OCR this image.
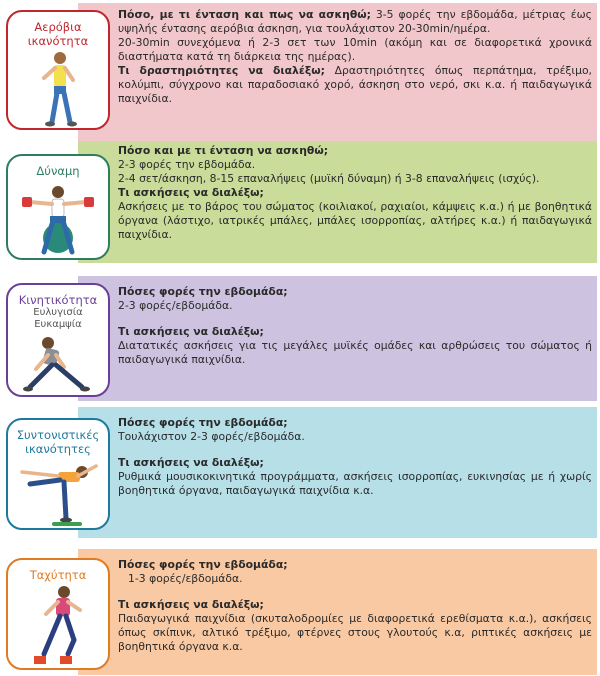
Πόσο, με τι ένταση και πως να ασκηθώ; 3-5 φορές την εβδομάδα, μέτριας έως υψηλής έντασης αερόβια άσκηση, για τουλάχιστον 20-30min/ημέρα.

20-30min συνεχόμενα ή 2-3 σετ των 10min (ακόμη και σε διαφορετικά χρονικά διαστήματα κατά τη διάρκεια της ημέρας).

Τι δραστηριότητες να διαλέξω; Δραστηριότητες όπως περπάτημα, τρέξιμο, κολύμπι, σύγχρονο και παραδοσιακό χορό, άσκηση στο νερό, σκι κ.α. ή παιδαγωγικά παιχνίδια.

Αερόβια
ικανότητα

Πόσο και με τι ένταση να ασκηθώ;

2-3 φορές την εβδομάδα.

2-4 σετ/άσκηση, 8-15 επαναλήψεις (μυϊκή δύναμη) ή 3-8 επαναλήψεις (ισχύς).

Τι ασκήσεις να διαλέξω;

Ασκήσεις με το βάρος του σώματος (κοιλιακοί, ραχιαίοι, κάμψεις κ.α.) ή με βοηθητικά όργανα (λάστιχο, ιατρικές μπάλες, μπάλες ισορροπίας, αλτήρες κ.α.) ή παιδαγωγικά παιχνίδια.

Δύναμη

Πόσες φορές την εβδομάδα;

2-3 φορές/εβδομάδα.

Τι ασκήσεις να διαλέξω;

Διατατικές ασκήσεις για τις μεγάλες μυϊκές ομάδες και αρθρώσεις του σώματος ή παιδαγωγικά παιχνίδια.

Κινητικότητα
Ευλυγισία
Ευκαμψία

Πόσες φορές την εβδομάδα;

Τουλάχιστον 2-3 φορές/εβδομάδα.

Τι ασκήσεις να διαλέξω;

Ρυθμικά μουσικοκινητικά προγράμματα, ασκήσεις ισορροπίας, ευκινησίας με ή χωρίς βοηθητικά όργανα, παιδαγωγικά παιχνίδια κ.α.

Συντονιστικές
ικανότητες

Πόσες φορές την εβδομάδα;

1-3 φορές/εβδομάδα.

Τι ασκήσεις να διαλέξω;

Παιδαγωγικά παιχνίδια (σκυταλοδρομίες με διαφορετικά ερεθίσματα κ.α.), ασκήσεις όπως σκίπινκ, αλτικό τρέξιμο, φτέρνες στους γλουτούς κ.α, ριπτικές ασκήσεις με βοηθητικά όργανα κ.α.

Ταχύτητα
